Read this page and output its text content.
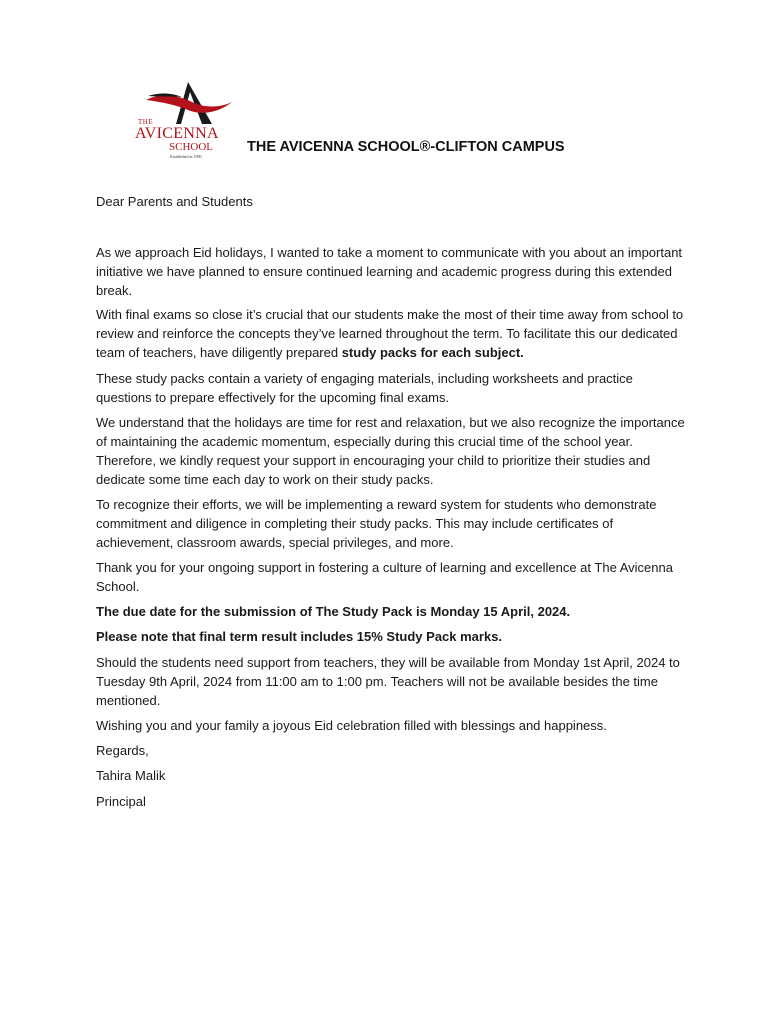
THE
AVICENNA
SCHOOL
Established in 1990
THE AVICENNA SCHOOL®-CLIFTON CAMPUS

Dear Parents and Students

As we approach Eid holidays, I wanted to take a moment to communicate with you about an important initiative we have planned to ensure continued learning and academic progress during this extended break.

With final exams so close it’s crucial that our students make the most of their time away from school to review and reinforce the concepts they’ve learned throughout the term. To facilitate this our dedicated team of teachers, have diligently prepared study packs for each subject.

These study packs contain a variety of engaging materials, including worksheets and practice questions to prepare effectively for the upcoming final exams.

We understand that the holidays are time for rest and relaxation, but we also recognize the importance of maintaining the academic momentum, especially during this crucial time of the school year. Therefore, we kindly request your support in encouraging your child to prioritize their studies and dedicate some time each day to work on their study packs.

To recognize their efforts, we will be implementing a reward system for students who demonstrate commitment and diligence in completing their study packs. This may include certificates of achievement, classroom awards, special privileges, and more.

Thank you for your ongoing support in fostering a culture of learning and excellence at The Avicenna School.

The due date for the submission of The Study Pack is Monday 15 April, 2024.

Please note that final term result includes 15% Study Pack marks.

Should the students need support from teachers, they will be available from Monday 1st April, 2024 to Tuesday 9th April, 2024 from 11:00 am to 1:00 pm. Teachers will not be available besides the time mentioned.

Wishing you and your family a joyous Eid celebration filled with blessings and happiness.

Regards,

Tahira Malik

Principal
